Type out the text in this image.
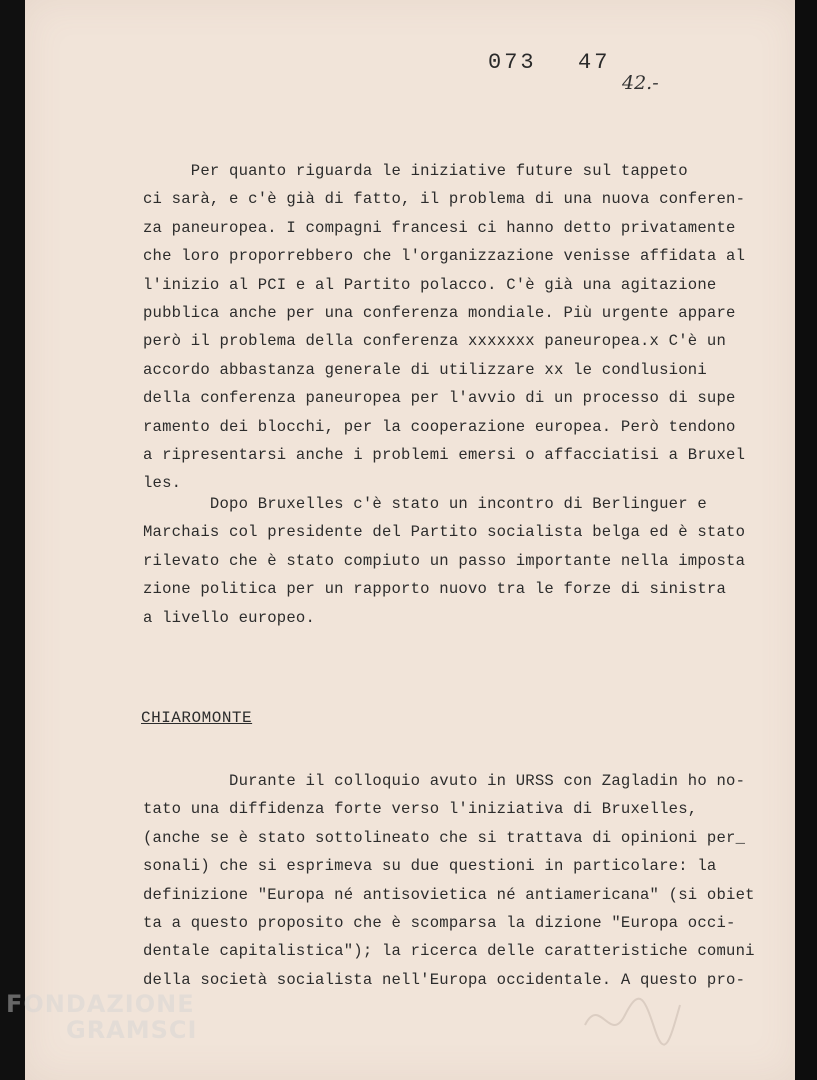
073 47
42.-
Per quanto riguarda le iniziative future sul tappeto
ci sarà, e c'è già di fatto, il problema di una nuova conferen-
za paneuropea. I compagni francesi ci hanno detto privatamente
che loro proporrebbero che l'organizzazione venisse affidata al
l'inizio al PCI e al Partito polacco. C'è già una agitazione
pubblica anche per una conferenza mondiale. Più urgente appare
però il problema della conferenza xxxxxxx paneuropea.x C'è un
accordo abbastanza generale di utilizzare xx le condlusioni
della conferenza paneuropea per l'avvio di un processo di supe
ramento dei blocchi, per la cooperazione europea. Però tendono
a ripresentarsi anche i problemi emersi o affacciatisi a Bruxel
les.
Dopo Bruxelles c'è stato un incontro di Berlinguer e
Marchais col presidente del Partito socialista belga ed è stato
rilevato che è stato compiuto un passo importante nella imposta
zione politica per un rapporto nuovo tra le forze di sinistra
a livello europeo.
CHIAROMONTE
Durante il colloquio avuto in URSS con Zagladin ho no-
tato una diffidenza forte verso l'iniziativa di Bruxelles,
(anche se è stato sottolineato che si trattava di opinioni per_
sonali) che si esprimeva su due questioni in particolare: la
definizione "Europa né antisovietica né antiamericana" (si obiet
ta a questo proposito che è scomparsa la dizione "Europa occi-
dentale capitalistica"); la ricerca delle caratteristiche comuni
della società socialista nell'Europa occidentale. A questo pro-
FONDAZIONE
GRAMSCI
